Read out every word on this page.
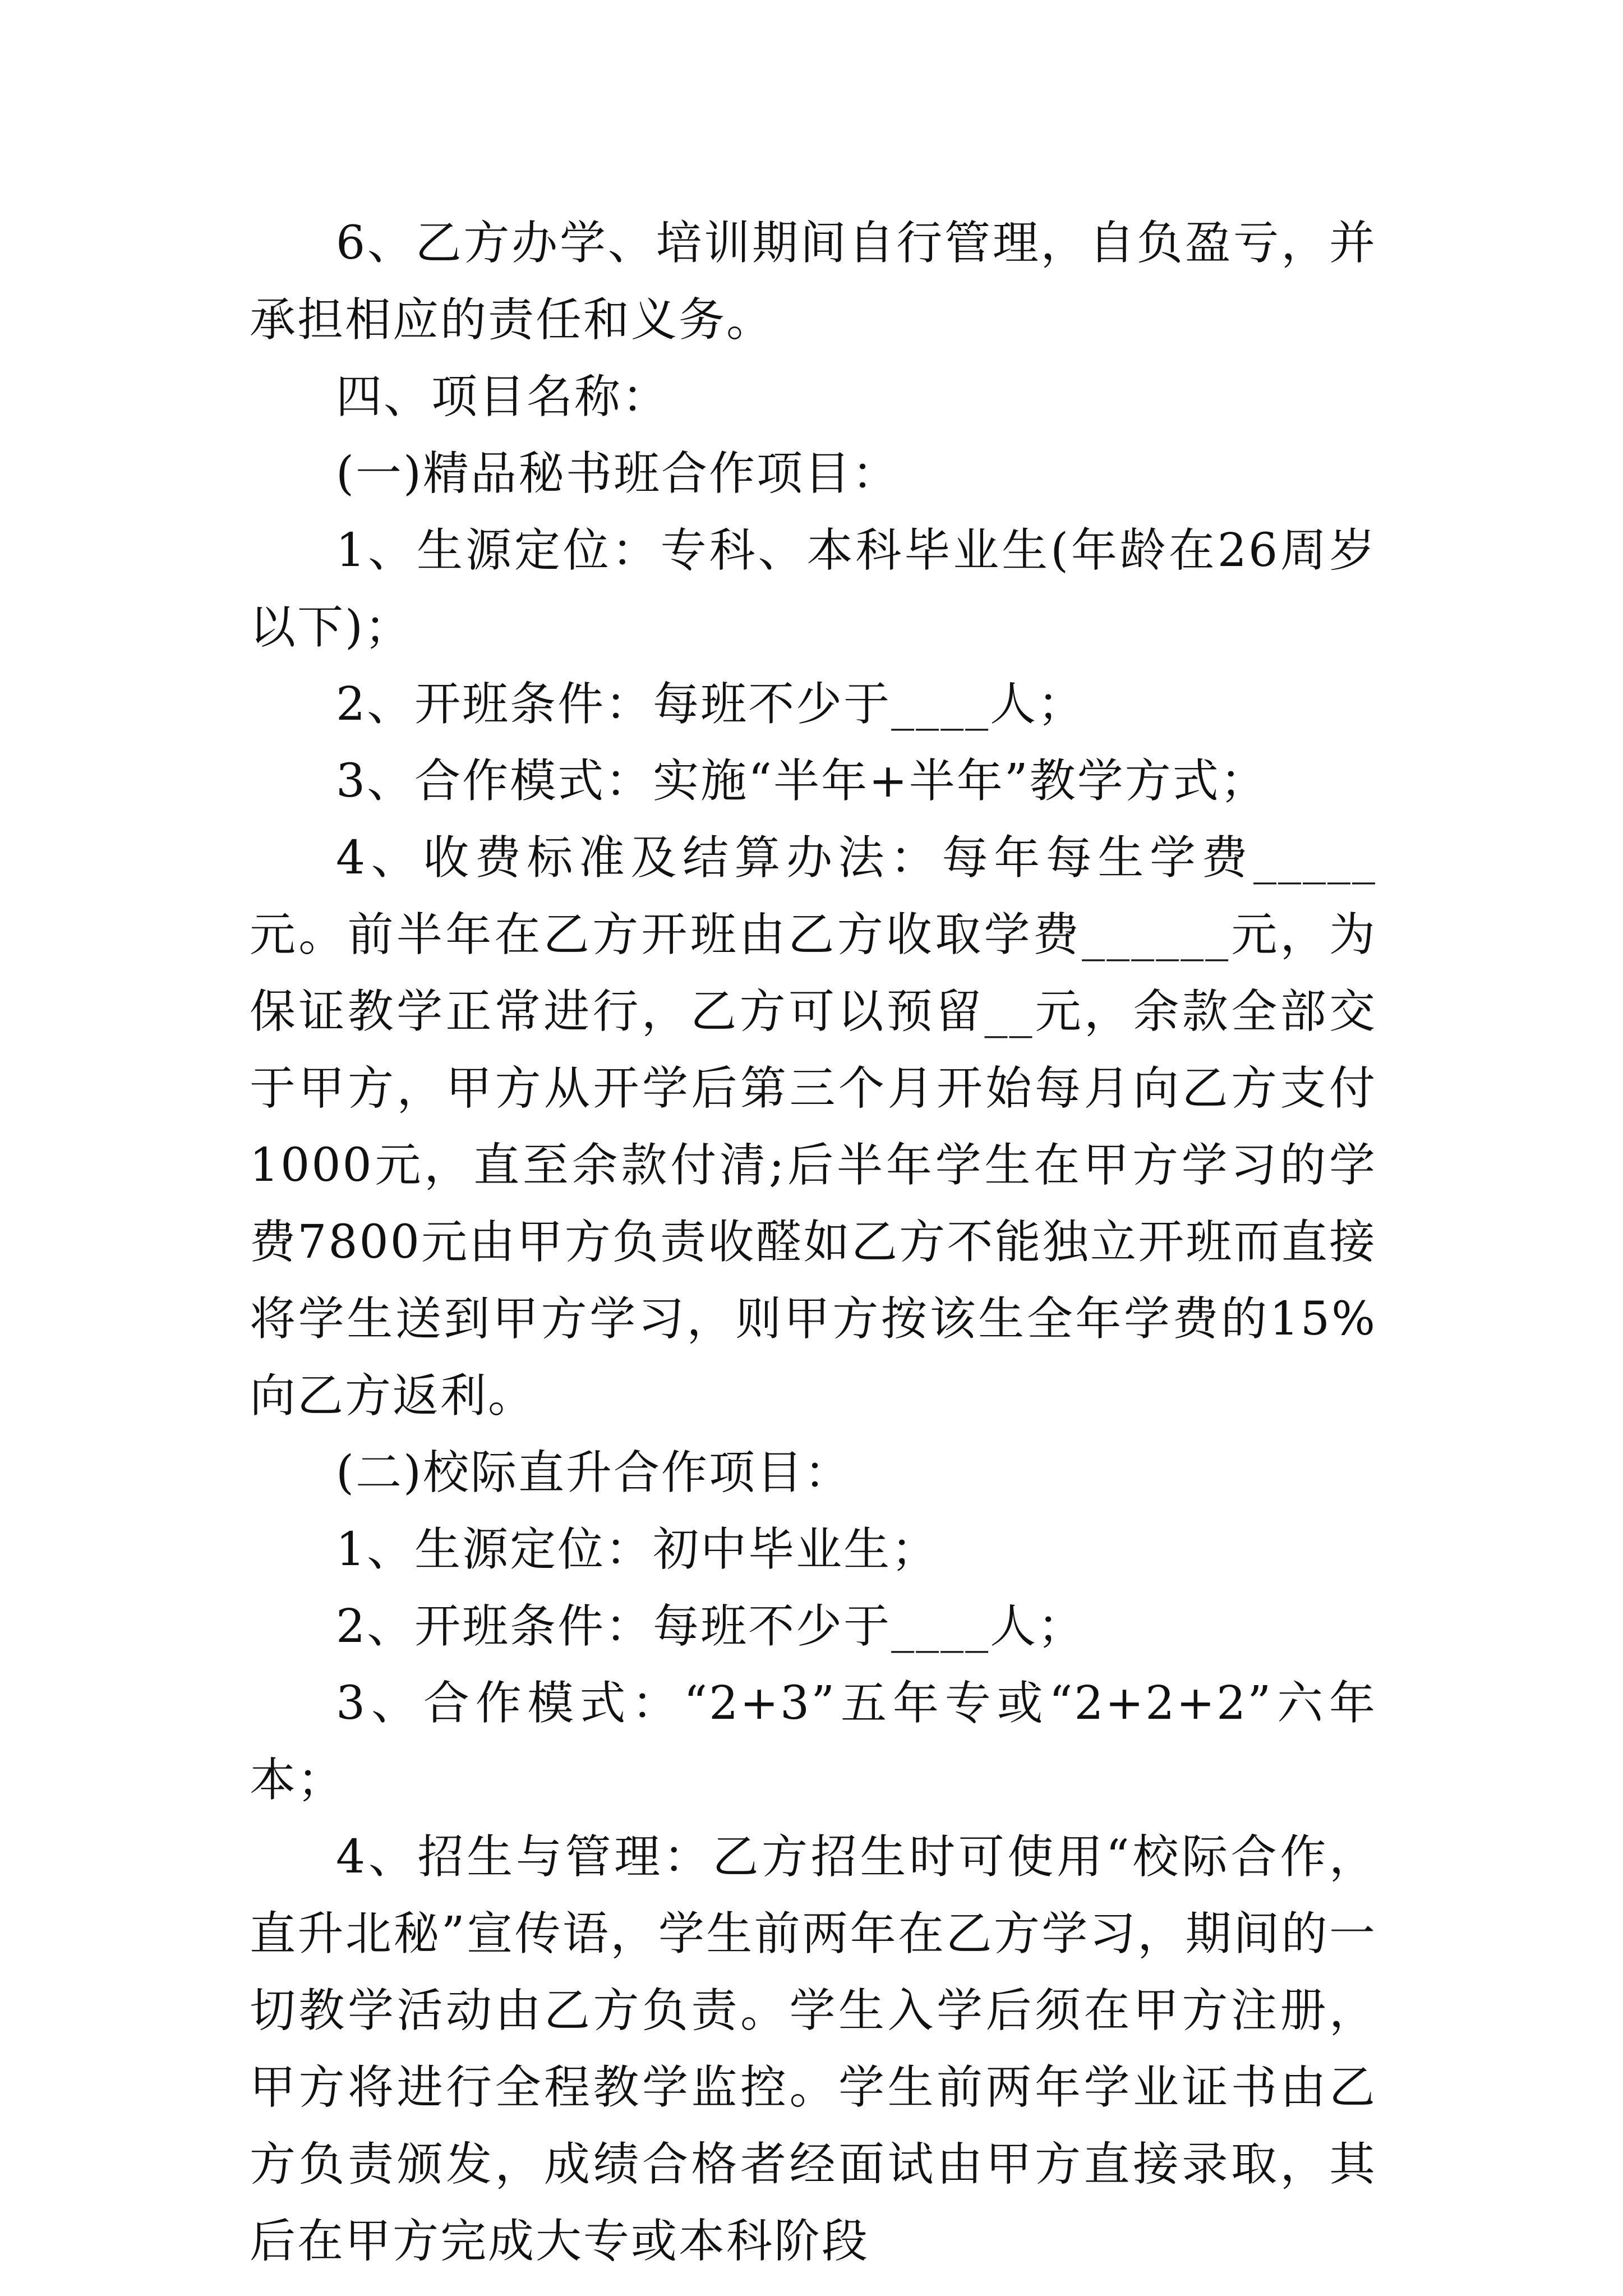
6、乙方办学、培训期间自行管理，自负盈亏，并承担相应的责任和义务。

四、项目名称：

(一)精品秘书班合作项目：

1、生源定位：专科、本科毕业生(年龄在26周岁以下)；

2、开班条件：每班不少于____人；

3、合作模式：实施“半年+半年”教学方式；

4、收费标准及结算办法：每年每生学费_____元。前半年在乙方开班由乙方收取学费______元，为保证教学正常进行，乙方可以预留__元，余款全部交于甲方，甲方从开学后第三个月开始每月向乙方支付1000元，直至余款付清;后半年学生在甲方学习的学费7800元由甲方负责收醛如乙方不能独立开班而直接将学生送到甲方学习，则甲方按该生全年学费的15%向乙方返利。

(二)校际直升合作项目：

1、生源定位：初中毕业生；

2、开班条件：每班不少于____人；

3、合作模式：“2+3”五年专或“2+2+2”六年本；

4、招生与管理：乙方招生时可使用“校际合作，直升北秘”宣传语，学生前两年在乙方学习，期间的一切教学活动由乙方负责。学生入学后须在甲方注册，甲方将进行全程教学监控。学生前两年学业证书由乙方负责颁发，成绩合格者经面试由甲方直接录取，其后在甲方完成大专或本科阶段
